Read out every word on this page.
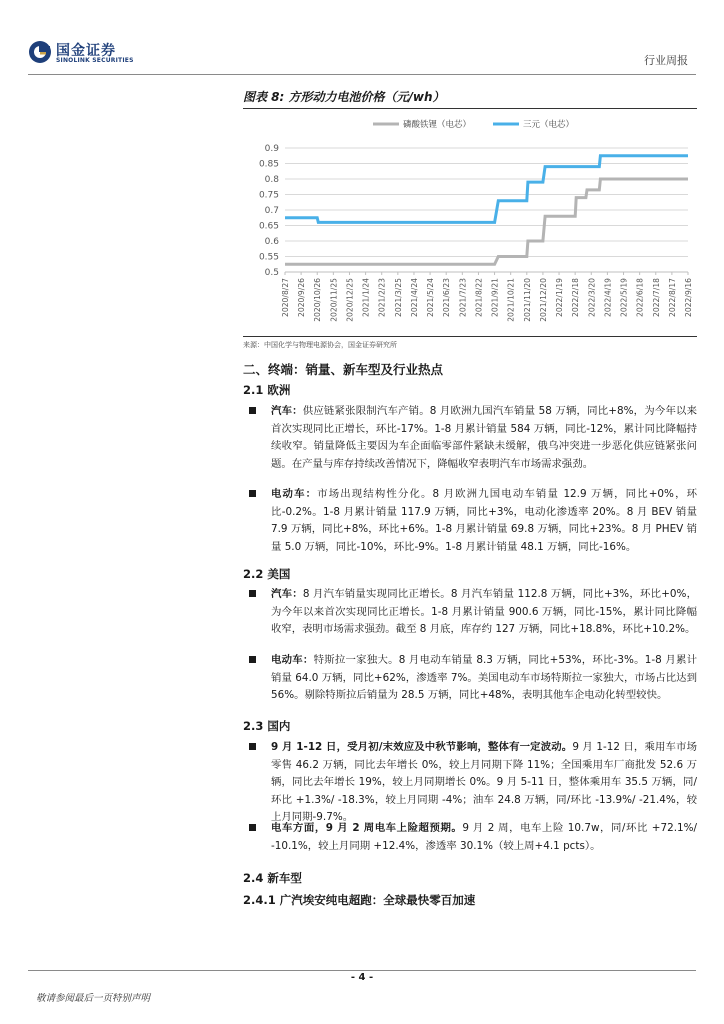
国金证券
SINOLINK SECURITIES	行业周报
图表 8: 方形动力电池价格（元/wh）
0.9
0.85
0.8
0.75
0.7
0.65
0.6
0.55
0.5
2020/8/27 2020/9/26 2020/10/26 2020/11/25 2020/12/25 2021/1/24 2021/2/23 2021/3/25 2021/4/24 2021/5/24 2021/6/23 2021/7/23 2021/8/22 2021/9/21 2021/10/21 2021/11/20 2021/12/20 2022/1/19 2022/2/18 2022/3/20 2022/4/19 2022/5/19 2022/6/18 2022/7/18 2022/8/17 2022/9/16
磷酸铁锂（电芯）	三元（电芯）
来源：中国化学与物理电源协会，国金证券研究所
二、终端：销量、新车型及行业热点
2.1 欧洲
汽车：供应链紧张限制汽车产销。8 月欧洲九国汽车销量 58 万辆，同比+8%，为今年以来首次实现同比正增长，环比-17%。1-8 月累计销量 584 万辆，同比-12%，累计同比降幅持续收窄。销量降低主要因为车企面临零部件紧缺未缓解，俄乌冲突进一步恶化供应链紧张问题。在产量与库存持续改善情况下，降幅收窄表明汽车市场需求强劲。
电动车：市场出现结构性分化。8 月欧洲九国电动车销量 12.9 万辆，同比+0%，环比-0.2%。1-8 月累计销量 117.9 万辆，同比+3%，电动化渗透率 20%。8 月 BEV 销量 7.9 万辆，同比+8%，环比+6%。1-8 月累计销量 69.8 万辆，同比+23%。8 月 PHEV 销量 5.0 万辆，同比-10%，环比-9%。1-8 月累计销量 48.1 万辆，同比-16%。
2.2 美国
汽车：8 月汽车销量实现同比正增长。8 月汽车销量 112.8 万辆，同比+3%，环比+0%，为今年以来首次实现同比正增长。1-8 月累计销量 900.6 万辆，同比-15%，累计同比降幅收窄，表明市场需求强劲。截至 8 月底，库存约 127 万辆，同比+18.8%，环比+10.2%。
电动车：特斯拉一家独大。8 月电动车销量 8.3 万辆，同比+53%，环比-3%。1-8 月累计销量 64.0 万辆，同比+62%，渗透率 7%。美国电动车市场特斯拉一家独大，市场占比达到 56%。剔除特斯拉后销量为 28.5 万辆，同比+48%，表明其他车企电动化转型较快。
2.3 国内
9 月 1-12 日，受月初/末效应及中秋节影响，整体有一定波动。9 月 1-12 日，乘用车市场零售 46.2 万辆，同比去年增长 0%，较上月同期下降 11%；全国乘用车厂商批发 52.6 万辆，同比去年增长 19%，较上月同期增长 0%。9 月 5-11 日，整体乘用车 35.5 万辆，同/环比 +1.3%/ -18.3%，较上月同期 -4%；油车 24.8 万辆，同/环比 -13.9%/ -21.4%，较上月同期-9.7%。
电车方面，9 月 2 周电车上险超预期。9 月 2 周，电车上险 10.7w，同/环比 +72.1%/ -10.1%，较上月同期 +12.4%，渗透率 30.1%（较上周+4.1 pcts）。
2.4 新车型
2.4.1 广汽埃安纯电超跑：全球最快零百加速
- 4 -
敬请参阅最后一页特别声明
